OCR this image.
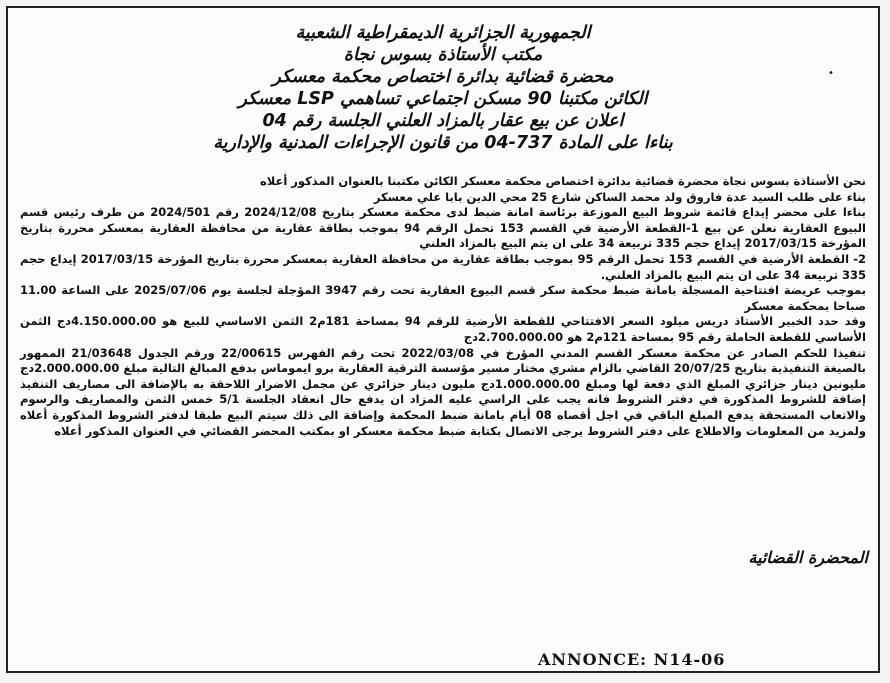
الجمهورية الجزائرية الديمقراطية الشعبية
مكتب الأستاذة بسوس نجاة
محضرة قضائية بدائرة اختصاص محكمة معسكر
الكائن مكتبنا 90 مسكن اجتماعي تساهمي LSP معسكر
اعلان عن بيع عقار بالمزاد العلني الجلسة رقم 04
بناءا على المادة 737-04 من قانون الإجراءات المدنية والإدارية
•

نحن الأستاذة بسوس نجاة محضرة قضائية بدائرة اختصاص محكمة معسكر الكائن مكتبنا بالعنوان المذكور أعلاه

بناء على طلب السيد عدة فاروق ولد محمد الساكن شارع 25 محي الدين بابا علي معسكر

بناءا على محضر إيداع قائمة شروط البيع الموزعة برئاسة امانة ضبط لدى محكمة معسكر بتاريخ 2024/12/08 رقم 2024/501 من طرف رئيس قسم البيوع العقارية نعلن عن بيع 1-القطعة الأرضية في القسم 153 تحمل الرقم 94 بموجب بطاقة عقارية من محافظة العقارية بمعسكر محررة بتاريخ المؤرخة 2017/03/15 إيداع حجم 335 تربيعة 34 على ان يتم البيع بالمزاد العلني

2- القطعة الأرضية في القسم 153 تحمل الرقم 95 بموجب بطاقة عقارية من محافظة العقارية بمعسكر محررة بتاريخ المؤرخة 2017/03/15 إيداع حجم 335 تربيعة 34 على ان يتم البيع بالمزاد العلني.

بموجب عريضة افتتاحية المسجلة بامانة ضبط محكمة سكر قسم البيوع العقارية تحت رقم 3947 المؤجلة لجلسة يوم 2025/07/06 على الساعة 11.00 صباحا بمحكمة معسكر

وقد حدد الخبير الأستاذ دريس ميلود السعر الافتتاحي للقطعة الأرضية للرقم 94 بمساحة 181م2 الثمن الاساسي للبيع هو 4.150.000.00دج الثمن الأساسي للقطعة الحاملة رقم 95 بمساحة 121م2 هو 2.700.000.00دج

تنفيذا للحكم الصادر عن محكمة معسكر القسم المدني المؤرخ في 2022/03/08 تحت رقم الفهرس 22/00615 ورقم الجدول 21/03648 الممهور بالصيغة التنفيذية بتاريخ 20/07/25 القاضي بالزام مشري مختار مسير مؤسسة الترقية العقارية برو ايموماس بدفع المبالغ التالية مبلغ 2.000.000.00دج مليونين دينار جزائري المبلغ الذي دفعة لها ومبلغ 1.000.000.00دج مليون دينار جزائري عن مجمل الاضرار اللاحقة به بالإضافة الى مصاريف التنفيذ إضافة للشروط المذكورة في دفتر الشروط فانه يجب على الراسي عليه المزاد ان يدفع حال انعقاد الجلسة 5/1 خمس الثمن والمصاريف والرسوم والاتعاب المستحقة يدفع المبلغ الباقي في اجل أقصاه 08 أيام بامانة ضبط المحكمة وإضافة الى ذلك سيتم البيع طبقا لدفتر الشروط المذكورة أعلاه ولمزيد من المعلومات والاطلاع على دفتر الشروط يرجى الاتصال بكتابة ضبط محكمة معسكر او بمكتب المحضر القضائي في العنوان المذكور أعلاه

المحضرة القضائية
ANNONCE: N14-06
